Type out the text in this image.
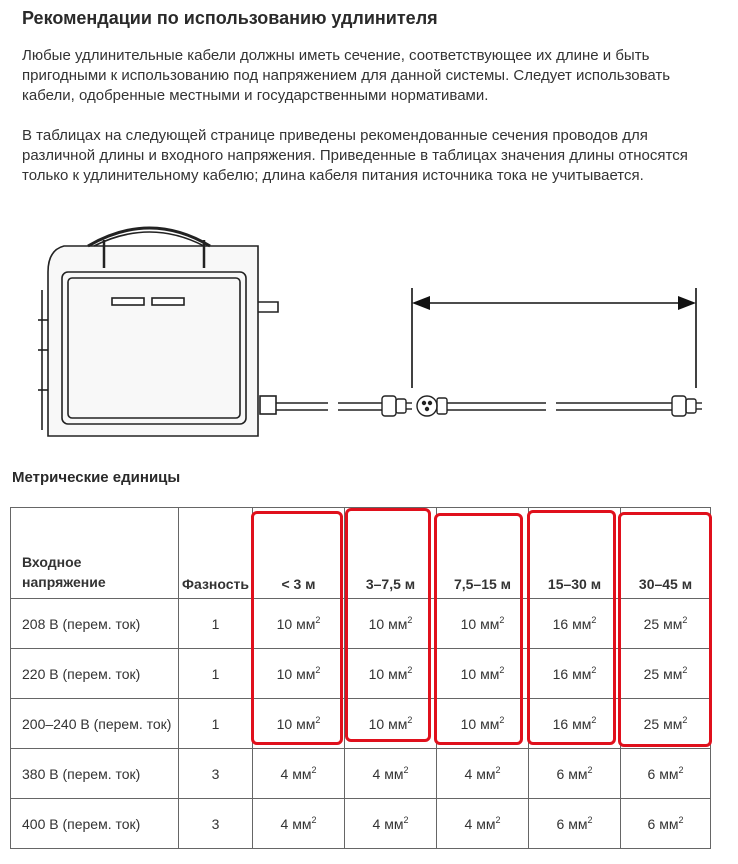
Рекомендации по использованию удлинителя

Любые удлинительные кабели должны иметь сечение, соответствующее их длине и быть пригодными к использованию под напряжением для данной системы. Следует использовать кабели, одобренные местными и государственными нормативами.

В таблицах на следующей странице приведены рекомендованные сечения проводов для различной длины и входного напряжения. Приведенные в таблицах значения длины относятся только к удлинительному кабелю; длина кабеля питания источника тока не учитывается.

Метрические единицы
Входное
напряжение	Фазность	< 3 м	3–7,5 м	7,5–15 м	15–30 м	30–45 м
208 В (перем. ток)	1	10 $мм^2$	10 $мм^2$	10 $мм^2$	16 $мм^2$	25 $мм^2$
220 В (перем. ток)	1	10 $мм^2$	10 $мм^2$	10 $мм^2$	16 $мм^2$	25 $мм^2$
200–240 В (перем. ток)	1	10 $мм^2$	10 $мм^2$	10 $мм^2$	16 $мм^2$	25 $мм^2$
380 В (перем. ток)	3	4 $мм^2$	4 $мм^2$	4 $мм^2$	6 $мм^2$	6 $мм^2$
400 В (перем. ток)	3	4 $мм^2$	4 $мм^2$	4 $мм^2$	6 $мм^2$	6 $мм^2$
